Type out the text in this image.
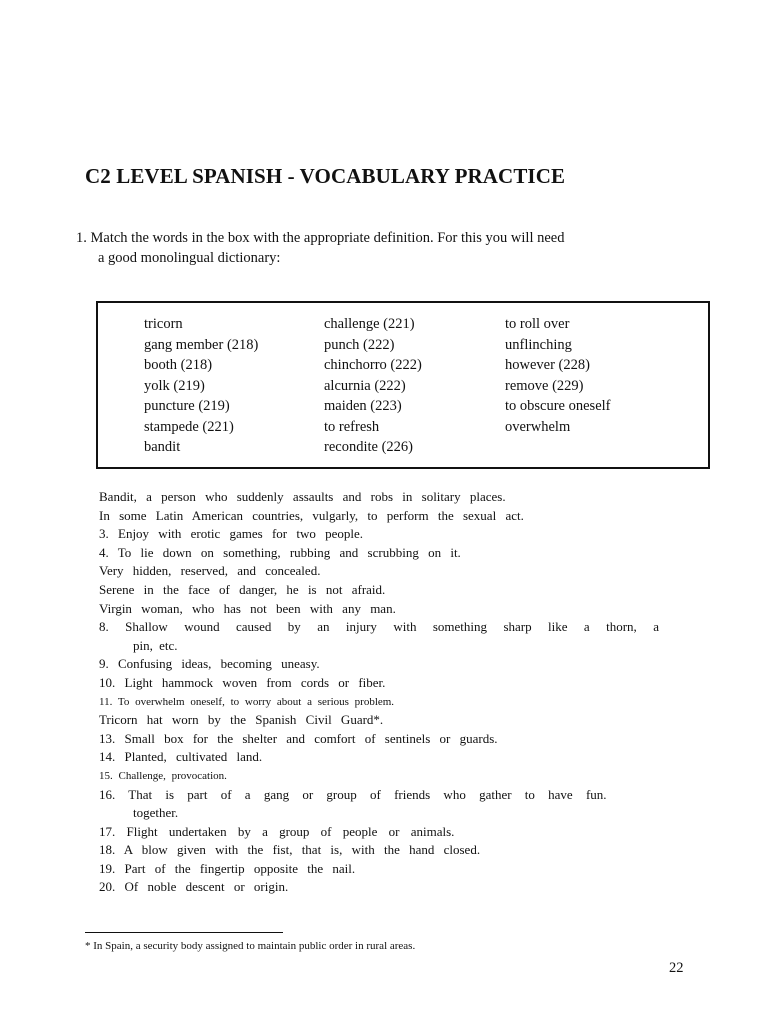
C2 LEVEL SPANISH - VOCABULARY PRACTICE
1. Match the words in the box with the appropriate definition. For this you will need
a good monolingual dictionary:
tricorn
gang member (218)
booth (218)
yolk (219)
puncture (219)
stampede (221)
bandit
challenge (221)
punch (222)
chinchorro (222)
alcurnia (222)
maiden (223)
to refresh
recondite (226)
to roll over
unflinching
however (228)
remove (229)
to obscure oneself
overwhelm
Bandit, a person who suddenly assaults and robs in solitary places.
In some Latin American countries, vulgarly, to perform the sexual act.
3. Enjoy with erotic games for two people.
4. To lie down on something, rubbing and scrubbing on it.
Very hidden, reserved, and concealed.
Serene in the face of danger, he is not afraid.
Virgin woman, who has not been with any man.
8. Shallow wound caused by an injury with something sharp like a thorn, a
pin, etc.
9. Confusing ideas, becoming uneasy.
10. Light hammock woven from cords or fiber.
11. To overwhelm oneself, to worry about a serious problem.
Tricorn hat worn by the Spanish Civil Guard*.
13. Small box for the shelter and comfort of sentinels or guards.
14. Planted, cultivated land.
15. Challenge, provocation.
16. That is part of a gang or group of friends who gather to have fun.
together.
17. Flight undertaken by a group of people or animals.
18. A blow given with the fist, that is, with the hand closed.
19. Part of the fingertip opposite the nail.
20. Of noble descent or origin.
* In Spain, a security body assigned to maintain public order in rural areas.
22
